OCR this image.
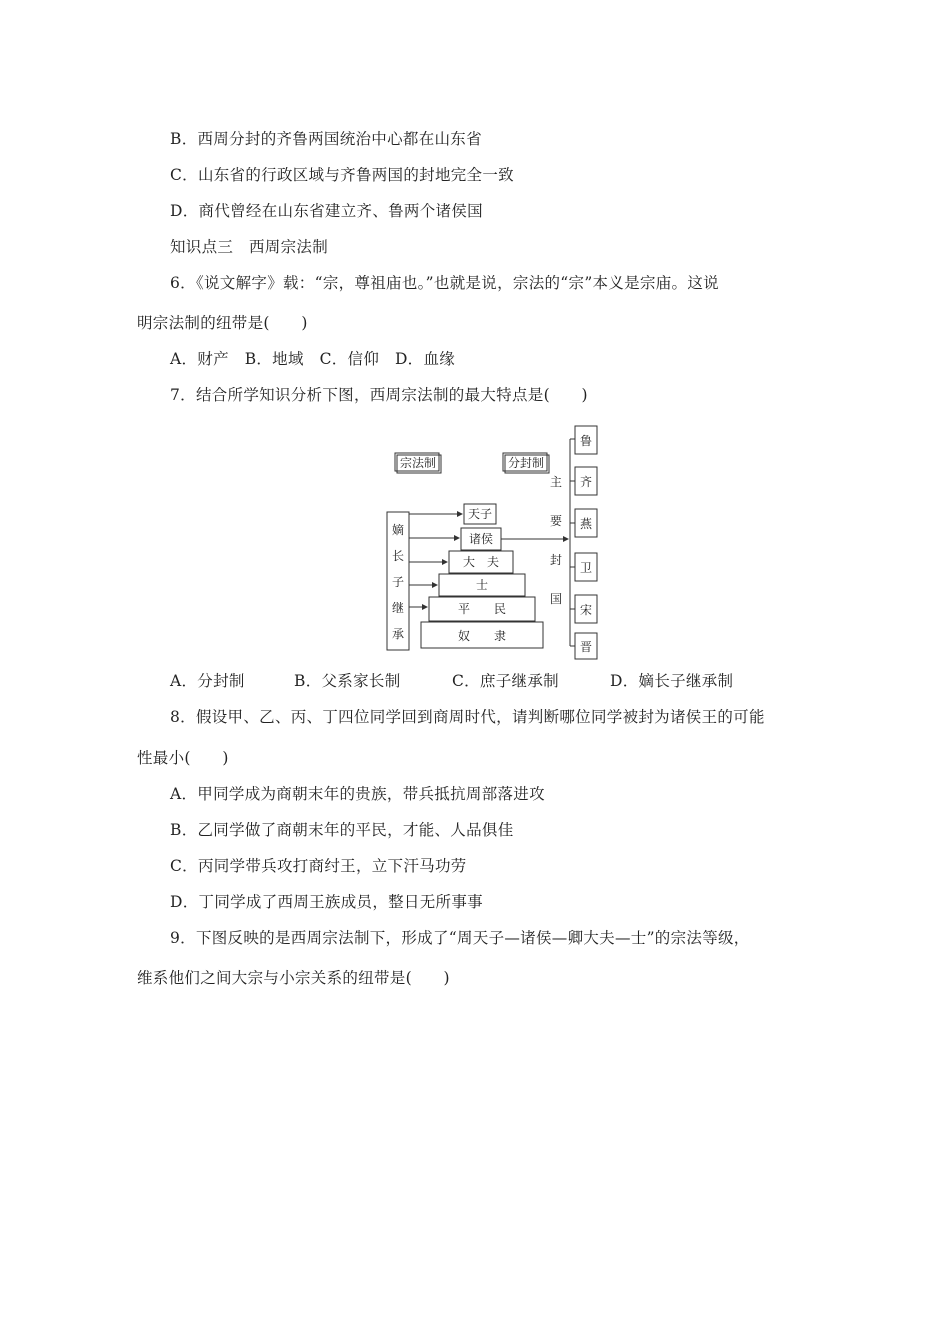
B．西周分封的齐鲁两国统治中心都在山东省
C．山东省的行政区域与齐鲁两国的封地完全一致
D．商代曾经在山东省建立齐、鲁两个诸侯国
知识点三　西周宗法制
6．《说文解字》载：“宗，尊祖庙也。”也就是说，宗法的“宗”本义是宗庙。这说
明宗法制的纽带是(　　)
A．财产　B．地域　C．信仰　D．血缘
7．结合所学知识分析下图，西周宗法制的最大特点是(　　)
宗法制	分封制
嫡
长
子
继
承
天子
诸侯
大　夫
士
平　　民
奴　　隶
主
要
封
国
鲁
齐
燕
卫
宋
晋
A．分封制	B．父系家长制	C．庶子继承制	D．嫡长子继承制
8．假设甲、乙、丙、丁四位同学回到商周时代，请判断哪位同学被封为诸侯王的可能
性最小(　　)
A．甲同学成为商朝末年的贵族，带兵抵抗周部落进攻
B．乙同学做了商朝末年的平民，才能、人品俱佳
C．丙同学带兵攻打商纣王，立下汗马功劳
D．丁同学成了西周王族成员，整日无所事事
9．下图反映的是西周宗法制下，形成了“周天子—诸侯—卿大夫—士”的宗法等级，
维系他们之间大宗与小宗关系的纽带是(　　)
